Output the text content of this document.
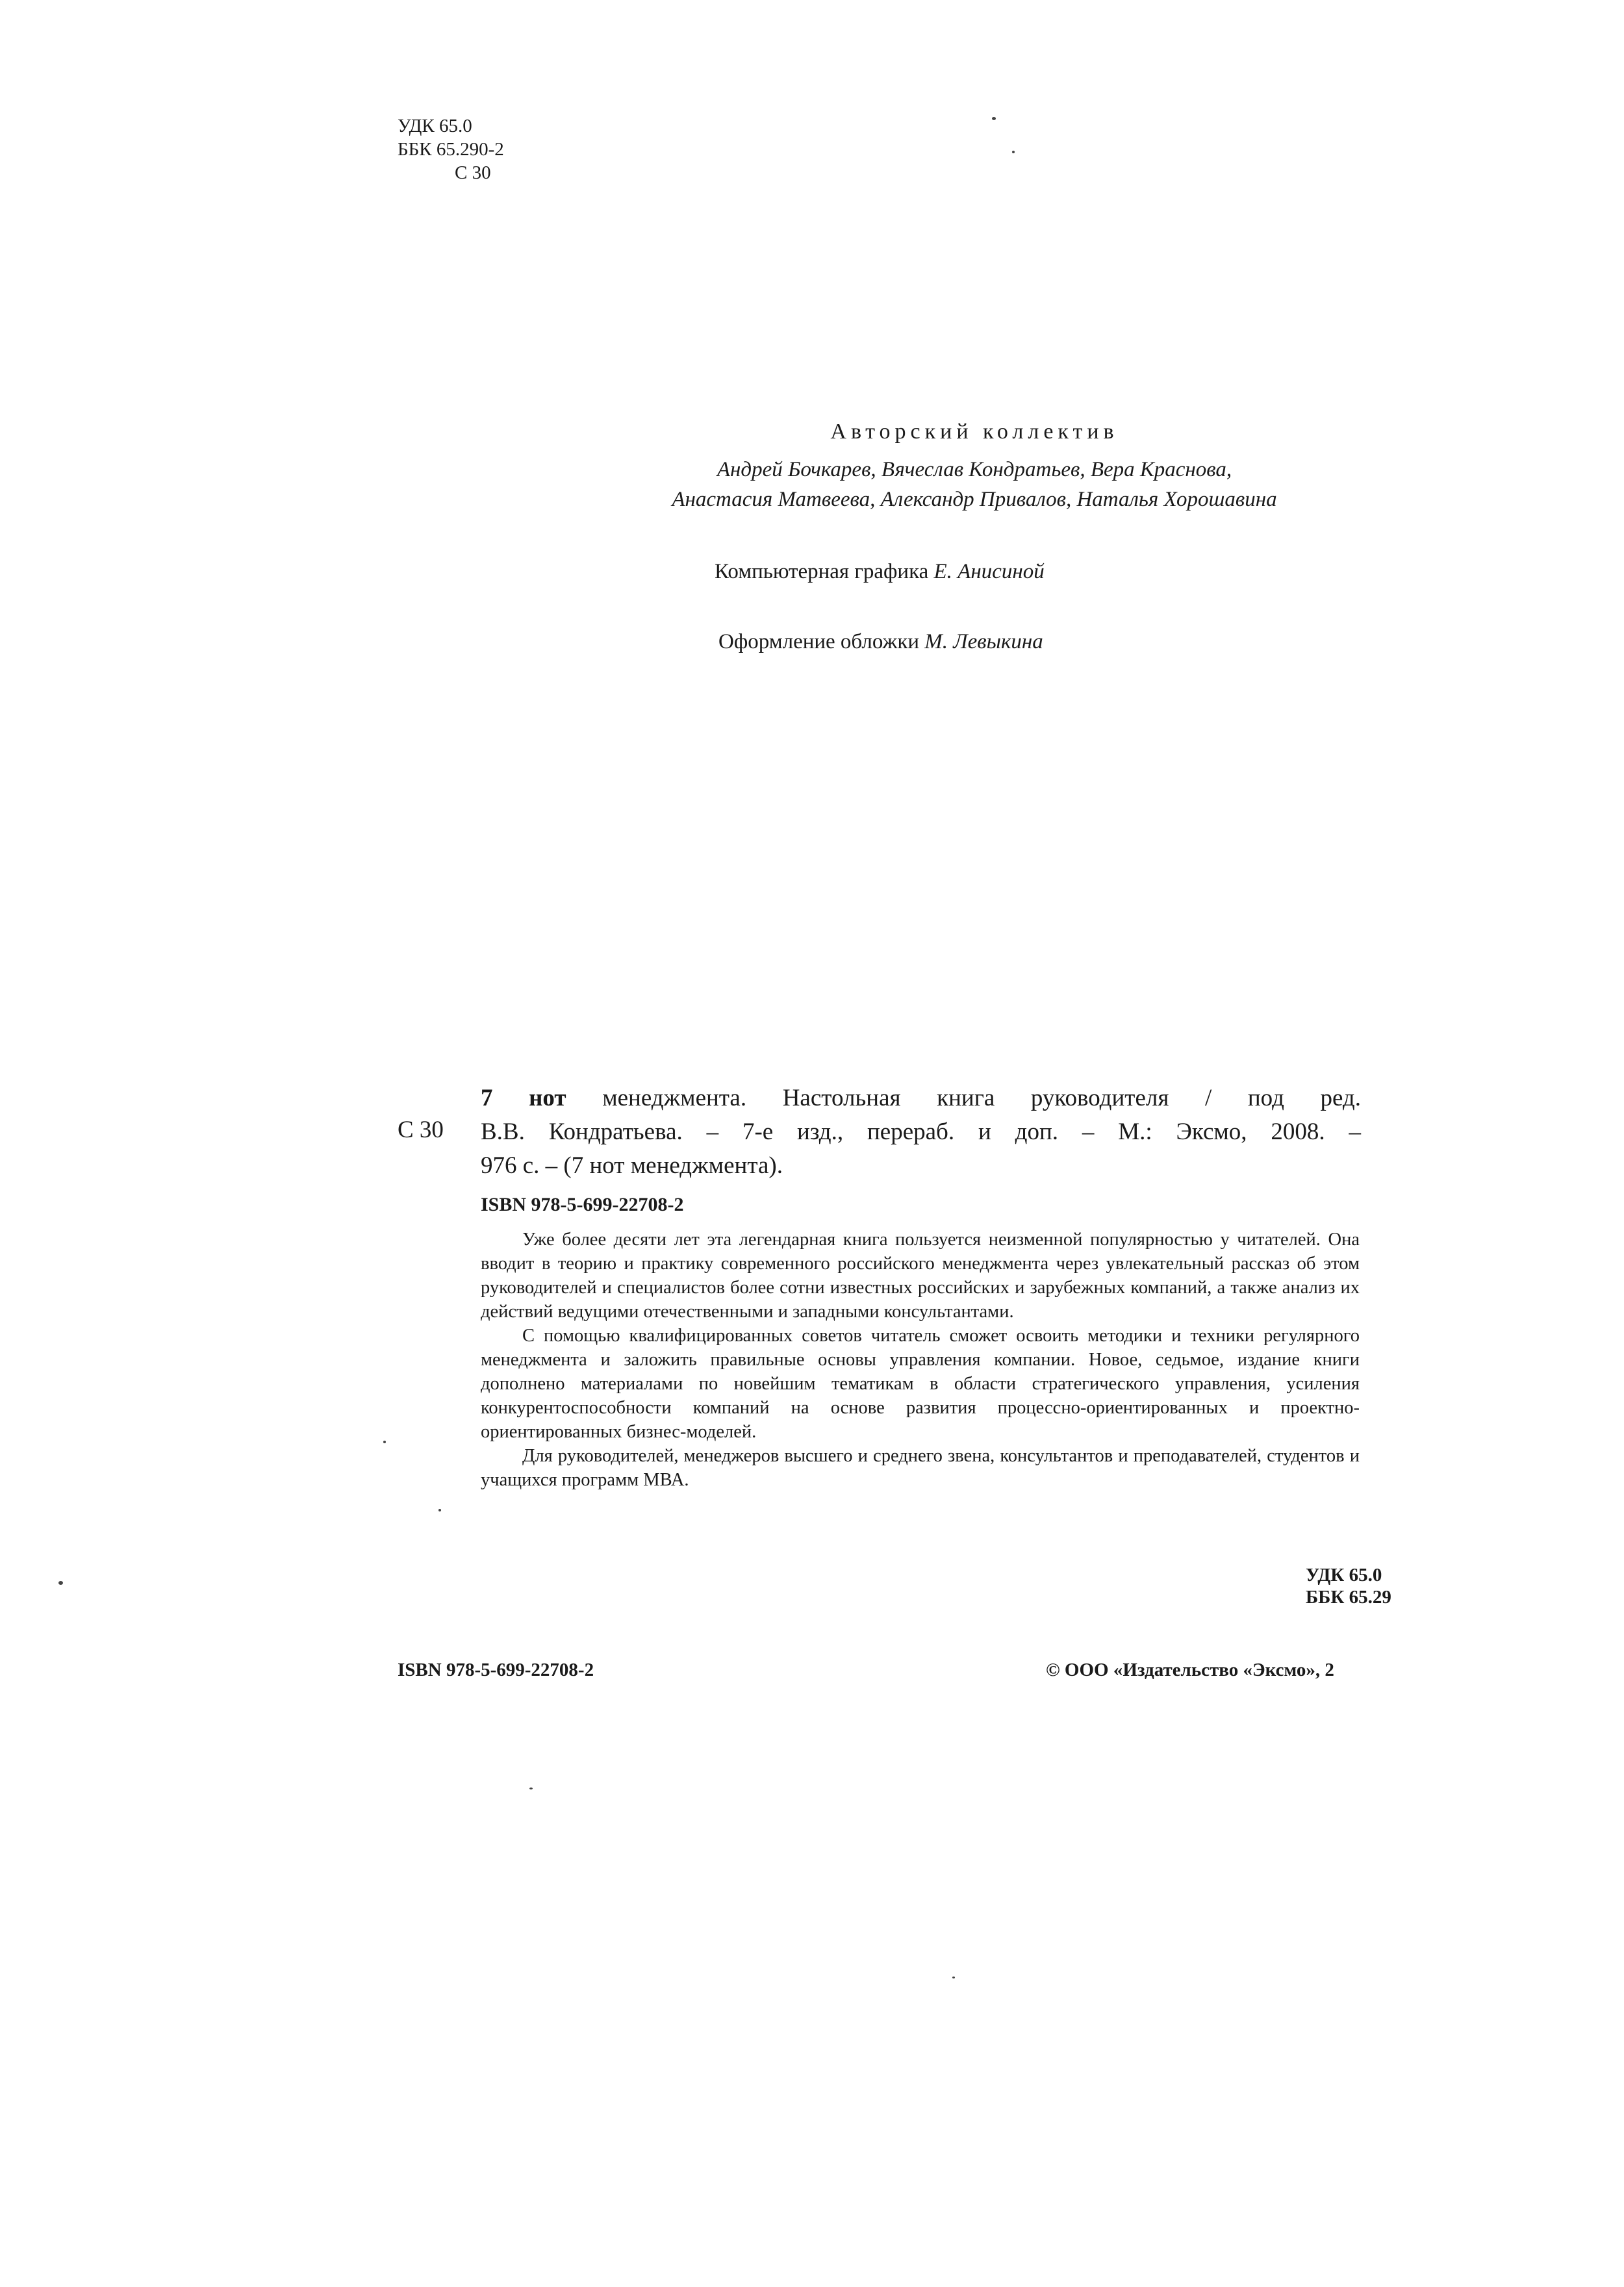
УДК 65.0
ББК 65.290-2
С 30
Авторский коллектив
Андрей Бочкарев, Вячеслав Кондратьев, Вера Краснова,
Анастасия Матвеева, Александр Привалов, Наталья Хорошавина
Компьютерная графика Е. Анисиной
Оформление обложки М. Левыкина
С 30
7 нот менеджмента. Настольная книга руководителя / под ред.
В.В. Кондратьева. – 7-е изд., перераб. и доп. – М.: Эксмо, 2008. –
976 с. – (7 нот менеджмента).
ISBN 978-5-699-22708-2

Уже более десяти лет эта легендарная книга пользуется неизменной популярностью у читателей. Она вводит в теорию и практику современного российского менеджмента через увлекательный рассказ об этом руководителей и специалистов более сотни известных российских и зарубежных компаний, а также анализ их действий ведущими отечественными и западными консультантами.

С помощью квалифицированных советов читатель сможет освоить методики и техники регулярного менеджмента и заложить правильные основы управления компании. Новое, седьмое, издание книги дополнено материалами по новейшим тематикам в области стратегического управления, усиления конкурентоспособности компаний на основе развития процессно-ориентированных и проектно-ориентированных бизнес-моделей.

Для руководителей, менеджеров высшего и среднего звена, консультантов и преподавателей, студентов и учащихся программ МВА.

УДК 65.0
ББК 65.29
ISBN 978-5-699-22708-2	© ООО «Издательство «Эксмо», 2
